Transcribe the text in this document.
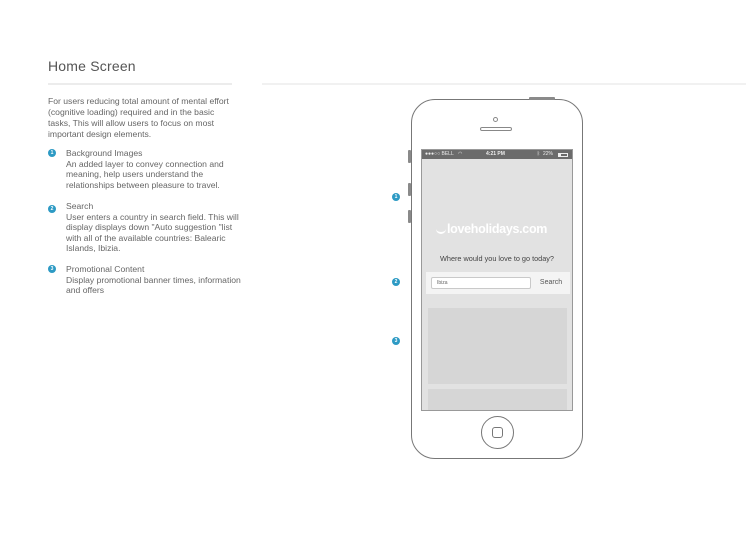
Home Screen
For users reducing total amount of mental effort (cognitive loading) required and in the basic tasks, This will allow users to focus on most important design elements.
1	Background Images
An added layer to convey connection and meaning, help users understand the relationships between pleasure to travel.
2	Search
User enters a country in search field. This will display displays down "Auto suggestion "list with all of the available countries: Balearic Islands, Ibizia.
3	Promotional Content
Display promotional banner times, information and offers
1
2
3
●●●○○ BELL ◠	4:21 PM	ᛒ 22%
loveholidays.com
Where would you love to go today?
Ibiza	Search
